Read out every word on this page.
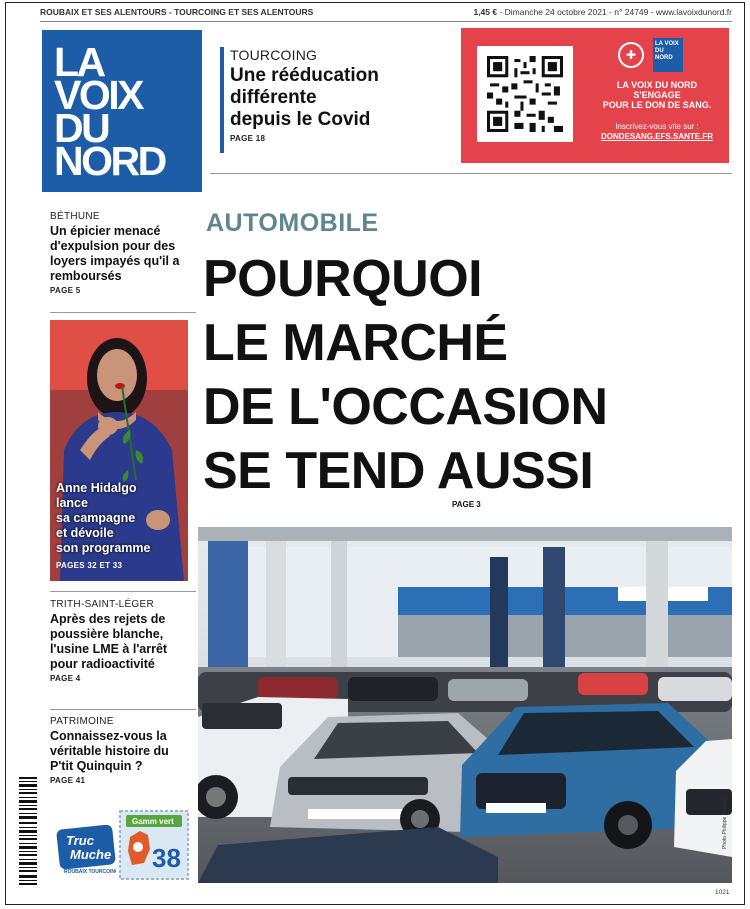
ROUBAIX ET SES ALENTOURS - TOURCOING ET SES ALENTOURS	1,45 € - Dimanche 24 octobre 2021 - n° 24749 - www.lavoixdunord.fr
LA
VOIX
DU
NORD
TOURCOING
Une rééducation
différente
depuis le Covid
PAGE 18
✚
LA VOIX DU NORD
LA VOIX DU NORD
S'ENGAGE
POUR LE DON DE SANG.
Inscrivez-vous vite sur :
DONDESANG.EFS.SANTE.FR
BÉTHUNE
Un épicier menacé d'expulsion pour des loyers impayés qu'il a remboursés
PAGE 5
Anne Hidalgo
lance
sa campagne
et dévoile
son programme
PAGES 32 ET 33
TRITH-SAINT-LÉGER
Après des rejets de poussière blanche, l'usine LME à l'arrêt pour radioactivité
PAGE 4
PATRIMOINE
Connaissez-vous la véritable histoire du P'tit Quinquin ?
PAGE 41
AUTOMOBILE
POURQUOI
LE MARCHÉ
DE L'OCCASION
SE TEND AUSSI
PAGE 3
Photo Philippe Pauchet
Truc
Muche
ROUBAIX TOURCOING
Gamm vert
38
1021
